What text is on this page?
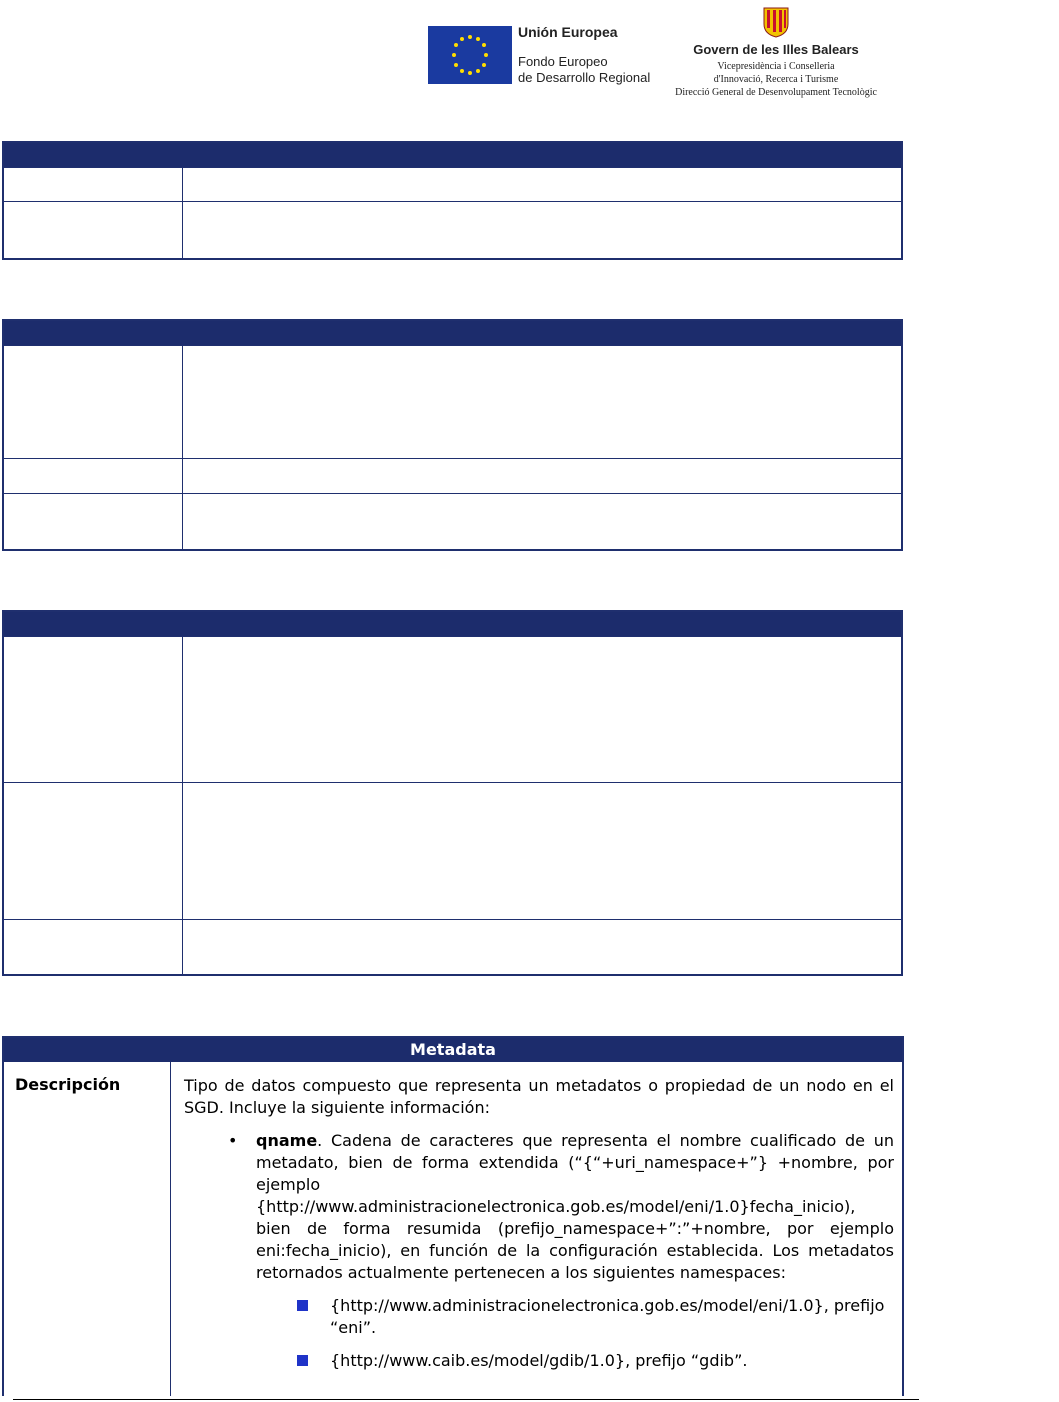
Unión Europea
Fondo Europeo
de Desarrollo Regional
Govern de les Illes Balears
Vicepresidència i Conselleria
d'Innovació, Recerca i Turisme
Direcció General de Desenvolupament Tecnològic
Metadata
Descripción	Tipo de datos compuesto que representa un metadatos o propiedad de un nodo en el SGD. Incluye la siguiente información:

• qname. Cadena de caracteres que representa el nombre cualificado de un metadato, bien de forma extendida (“{“+uri_namespace+”} +nombre, por ejemplo {http://www.administracionelectronica.gob.es/model/eni/1.0}fecha_inicio), bien de forma resumida (prefijo_namespace+”:”+nombre, por ejemplo eni:fecha_inicio), en función de la configuración establecida. Los metadatos retornados actualmente pertenecen a los siguientes namespaces:
{http://www.administracionelectronica.gob.es/model/eni/1.0}, prefijo “eni”.
{http://www.caib.es/model/gdib/1.0}, prefijo “gdib”.
